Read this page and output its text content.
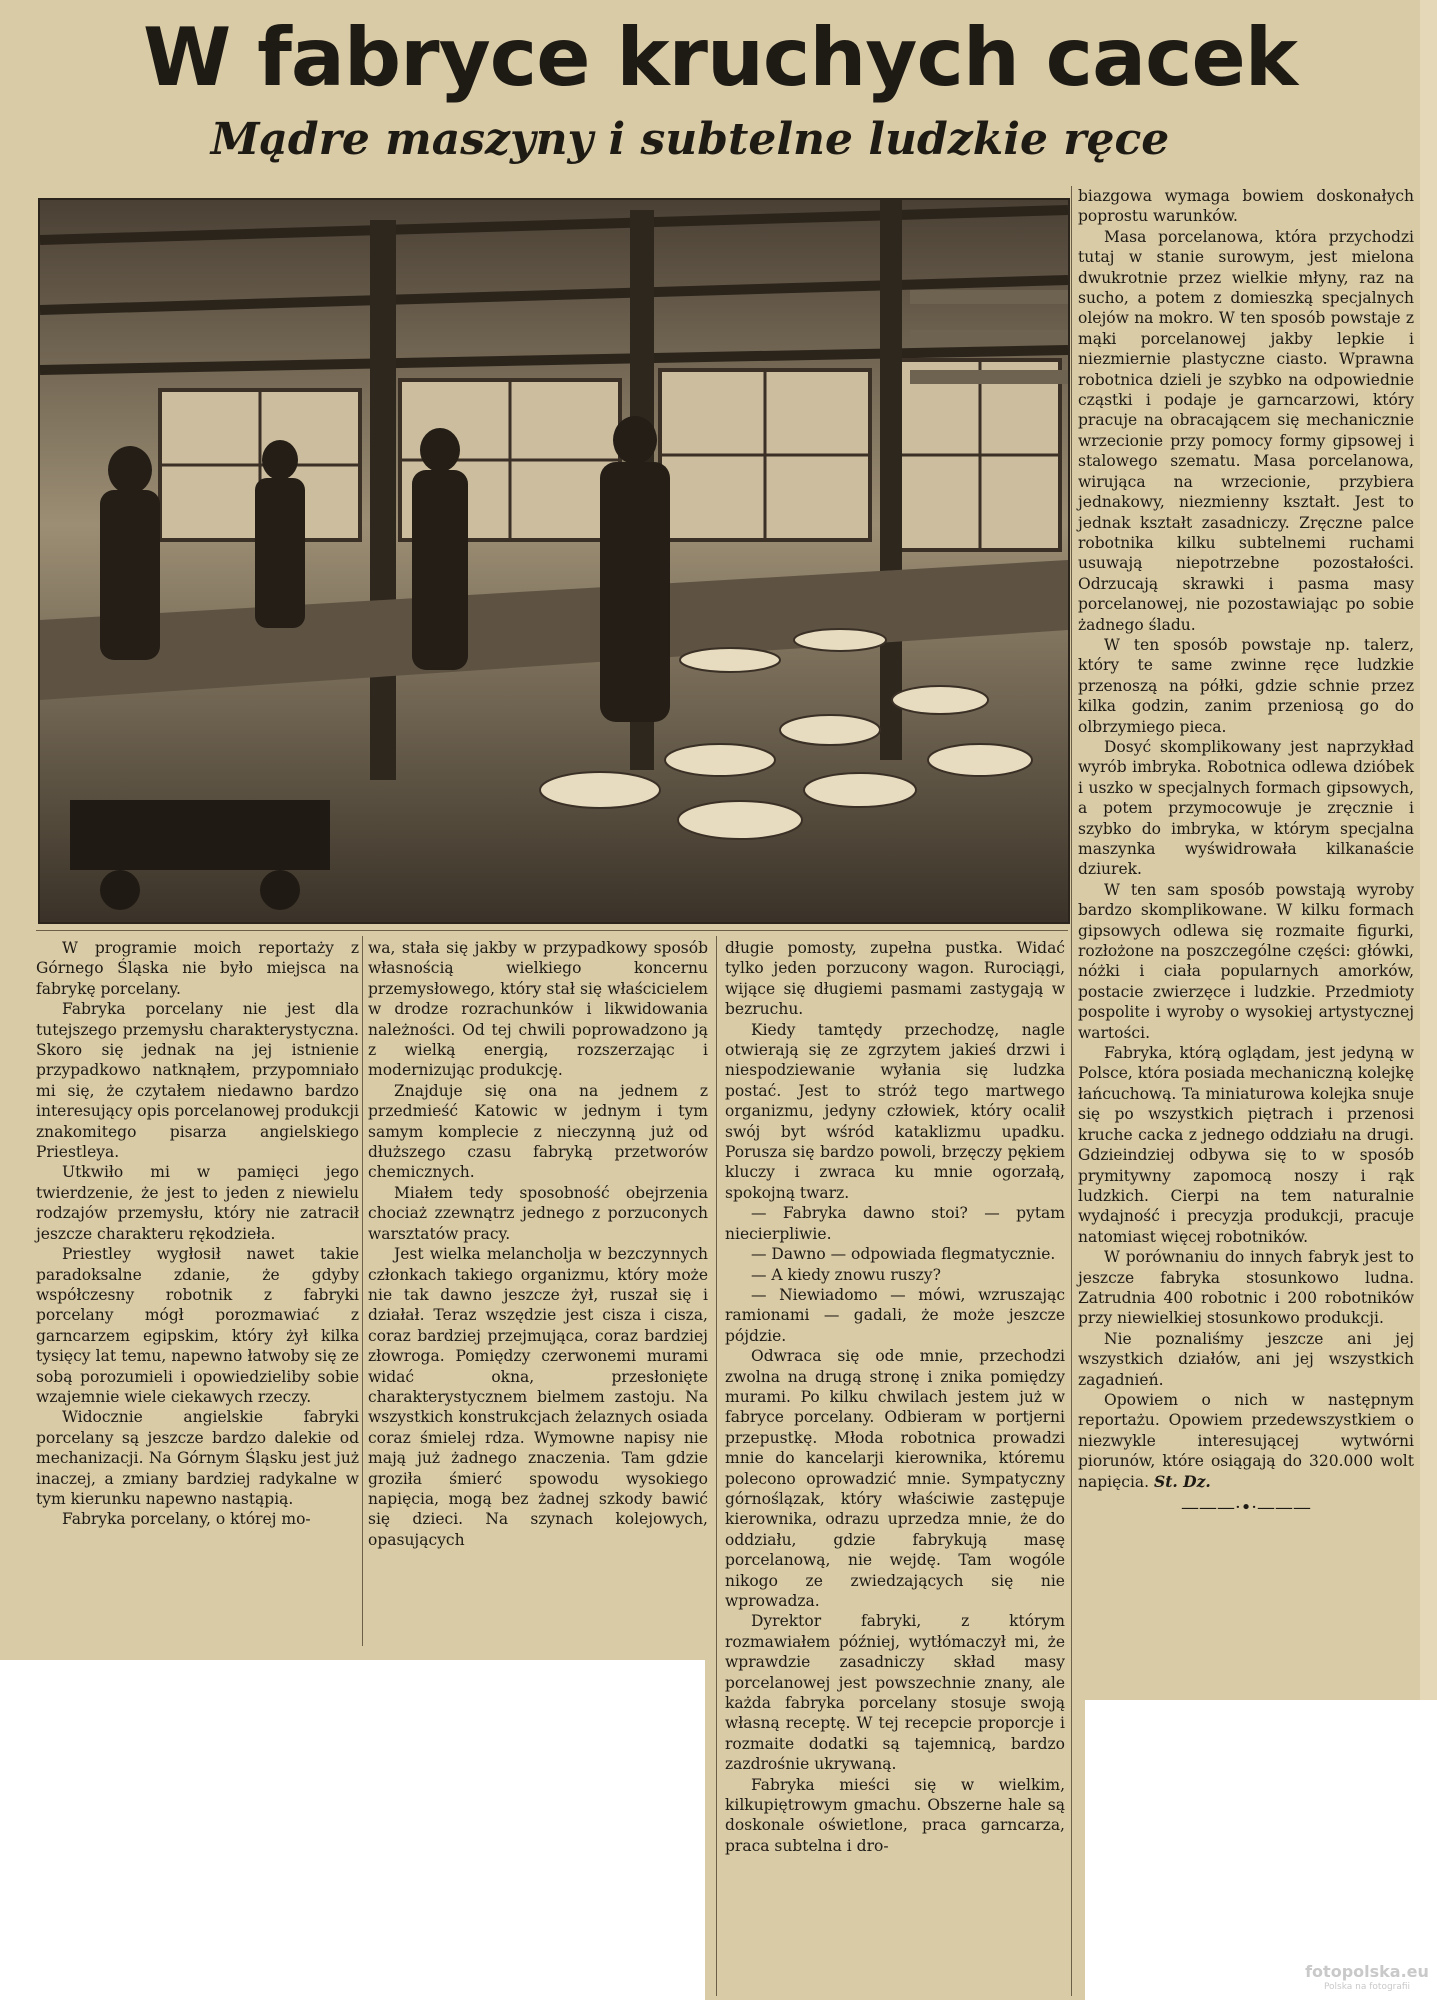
W fabryce kruchych cacek
Mądre maszyny i subtelne ludzkie ręce

W programie moich reportaży z Górnego Śląska nie było miejsca na fabrykę porcelany.

Fabryka porcelany nie jest dla tutejszego przemysłu charakterystyczna. Skoro się jednak na jej istnienie przypadkowo natknąłem, przypomniało mi się, że czytałem niedawno bardzo interesujący opis porcelanowej produkcji znakomitego pisarza angielskiego Priestleya.

Utkwiło mi w pamięci jego twierdzenie, że jest to jeden z niewielu rodzajów przemysłu, który nie zatracił jeszcze charakteru rękodzieła.

Priestley wygłosił nawet takie paradoksalne zdanie, że gdyby współczesny robotnik z fabryki porcelany mógł porozmawiać z garncarzem egipskim, który żył kilka tysięcy lat temu, napewno łatwoby się ze sobą porozumieli i opowiedzieliby sobie wzajemnie wiele ciekawych rzeczy.

Widocznie angielskie fabryki porcelany są jeszcze bardzo dalekie od mechanizacji. Na Górnym Śląsku jest już inaczej, a zmiany bardziej radykalne w tym kierunku napewno nastąpią.

Fabryka porcelany, o której mo-

wa, stała się jakby w przypadkowy sposób własnością wielkiego koncernu przemysłowego, który stał się właścicielem w drodze rozrachunków i likwidowania należności. Od tej chwili poprowadzono ją z wielką energią, rozszerzając i modernizując produkcję.

Znajduje się ona na jednem z przedmieść Katowic w jednym i tym samym komplecie z nieczynną już od dłuższego czasu fabryką przetworów chemicznych.

Miałem tedy sposobność obejrzenia chociaż zzewnątrz jednego z porzuconych warsztatów pracy.

Jest wielka melancholja w bezczynnych członkach takiego organizmu, który może nie tak dawno jeszcze żył, ruszał się i działał. Teraz wszędzie jest cisza i cisza, coraz bardziej przejmująca, coraz bardziej złowroga. Pomiędzy czerwonemi murami widać okna, przesłonięte charakterystycznem bielmem zastoju. Na wszystkich konstrukcjach żelaznych osiada coraz śmielej rdza. Wymowne napisy nie mają już żadnego znaczenia. Tam gdzie groziła śmierć spowodu wysokiego napięcia, mogą bez żadnej szkody bawić się dzieci. Na szynach kolejowych, opasujących

długie pomosty, zupełna pustka. Widać tylko jeden porzucony wagon. Rurociągi, wijące się długiemi pasmami zastygają w bezruchu.

Kiedy tamtędy przechodzę, nagle otwierają się ze zgrzytem jakieś drzwi i niespodziewanie wyłania się ludzka postać. Jest to stróż tego martwego organizmu, jedyny człowiek, który ocalił swój byt wśród kataklizmu upadku. Porusza się bardzo powoli, brzęczy pękiem kluczy i zwraca ku mnie ogorzałą, spokojną twarz.

— Fabryka dawno stoi? — pytam niecierpliwie.

— Dawno — odpowiada flegmatycznie.

— A kiedy znowu ruszy?

— Niewiadomo — mówi, wzruszając ramionami — gadali, że może jeszcze pójdzie.

Odwraca się ode mnie, przechodzi zwolna na drugą stronę i znika pomiędzy murami. Po kilku chwilach jestem już w fabryce porcelany. Odbieram w portjerni przepustkę. Młoda robotnica prowadzi mnie do kancelarji kierownika, któremu polecono oprowadzić mnie. Sympatyczny górnoślązak, który właściwie zastępuje kierownika, odrazu uprzedza mnie, że do oddziału, gdzie fabrykują masę porcelanową, nie wejdę. Tam wogóle nikogo ze zwiedzających się nie wprowadza.

Dyrektor fabryki, z którym rozmawiałem później, wytłómaczył mi, że wprawdzie zasadniczy skład masy porcelanowej jest powszechnie znany, ale każda fabryka porcelany stosuje swoją własną receptę. W tej recepcie proporcje i rozmaite dodatki są tajemnicą, bardzo zazdrośnie ukrywaną.

Fabryka mieści się w wielkim, kilkupiętrowym gmachu. Obszerne hale są doskonale oświetlone, praca garncarza, praca subtelna i dro-

biazgowa wymaga bowiem doskonałych poprostu warunków.

Masa porcelanowa, która przychodzi tutaj w stanie surowym, jest mielona dwukrotnie przez wielkie młyny, raz na sucho, a potem z domieszką specjalnych olejów na mokro. W ten sposób powstaje z mąki porcelanowej jakby lepkie i niezmiernie plastyczne ciasto. Wprawna robotnica dzieli je szybko na odpowiednie cząstki i podaje je garncarzowi, który pracuje na obracającem się mechanicznie wrzecionie przy pomocy formy gipsowej i stalowego szematu. Masa porcelanowa, wirująca na wrzecionie, przybiera jednakowy, niezmienny kształt. Jest to jednak kształt zasadniczy. Zręczne palce robotnika kilku subtelnemi ruchami usuwają niepotrzebne pozostałości. Odrzucają skrawki i pasma masy porcelanowej, nie pozostawiając po sobie żadnego śladu.

W ten sposób powstaje np. talerz, który te same zwinne ręce ludzkie przenoszą na półki, gdzie schnie przez kilka godzin, zanim przeniosą go do olbrzymiego pieca.

Dosyć skomplikowany jest naprzykład wyrób imbryka. Robotnica odlewa dzióbek i uszko w specjalnych formach gipsowych, a potem przymocowuje je zręcznie i szybko do imbryka, w którym specjalna maszynka wyświdrowała kilkanaście dziurek.

W ten sam sposób powstają wyroby bardzo skomplikowane. W kilku formach gipsowych odlewa się rozmaite figurki, rozłożone na poszczególne części: główki, nóżki i ciała popularnych amorków, postacie zwierzęce i ludzkie. Przedmioty pospolite i wyroby o wysokiej artystycznej wartości.

Fabryka, którą oglądam, jest jedyną w Polsce, która posiada mechaniczną kolejkę łańcuchową. Ta miniaturowa kolejka snuje się po wszystkich piętrach i przenosi kruche cacka z jednego oddziału na drugi. Gdzieindziej odbywa się to w sposób prymitywny zapomocą noszy i rąk ludzkich. Cierpi na tem naturalnie wydajność i precyzja produkcji, pracuje natomiast więcej robotników.

W porównaniu do innych fabryk jest to jeszcze fabryka stosunkowo ludna. Zatrudnia 400 robotnic i 200 robotników przy niewielkiej stosunkowo produkcji.

Nie poznaliśmy jeszcze ani jej wszystkich działów, ani jej wszystkich zagadnień.

Opowiem o nich w następnym reportażu. Opowiem przedewszystkiem o niezwykle interesującej wytwórni piorunów, które osiągają do 320.000 wolt napięcia. St. Dz.

———·•·———

fotopolska.eu
Polska na fotografii
